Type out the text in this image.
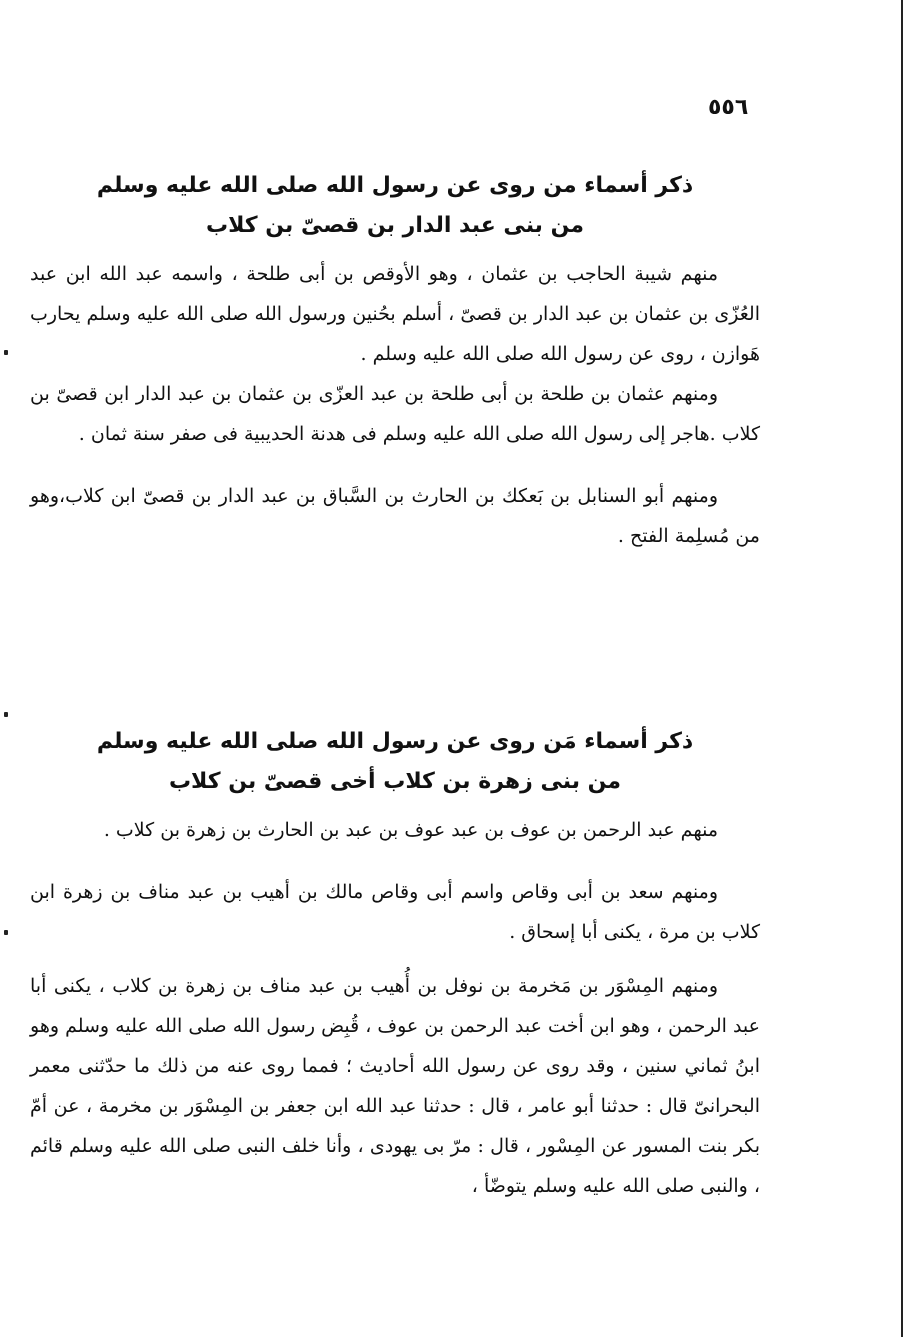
٥٥٦

ذكر أسماء من روى عن رسول الله صلى الله عليه وسلم

من بنى عبد الدار بن قصىّ بن كلاب

منهم شيبة الحاجب بن عثمان ، وهو الأوقص بن أبى طلحة ، واسمه عبد الله ابن عبد العُزّى بن عثمان بن عبد الدار بن قصىّ ، أسلم بحُنين ورسول الله صلى الله عليه وسلم يحارب هَوازن ، روى عن رسول الله صلى الله عليه وسلم .

ومنهم عثمان بن طلحة بن أبى طلحة بن عبد العزّى بن عثمان بن عبد الدار ابن قصىّ بن كلاب .هاجر إلى رسول الله صلى الله عليه وسلم فى هدنة الحديبية فى صفر سنة ثمان .

ومنهم أبو السنابل بن بَعكك بن الحارث بن السَّباق بن عبد الدار بن قصىّ ابن كلاب،وهو من مُسلِمة الفتح .

ذكر أسماء مَن روى عن رسول الله صلى الله عليه وسلم

من بنى زهرة بن كلاب أخى قصىّ بن كلاب

منهم عبد الرحمن بن عوف بن عبد عوف بن عبد بن الحارث بن زهرة بن كلاب .

ومنهم سعد بن أبى وقاص واسم أبى وقاص مالك بن أهيب بن عبد مناف بن زهرة ابن كلاب بن مرة ، يكنى أبا إسحاق .

ومنهم المِسْوَر بن مَخرمة بن نوفل بن أُهيب بن عبد مناف بن زهرة بن كلاب ، يكنى أبا عبد الرحمن ، وهو ابن أخت عبد الرحمن بن عوف ، قُبِض رسول الله صلى الله عليه وسلم وهو ابنُ ثماني سنين ، وقد روى عن رسول الله أحاديث ؛ فمما روى عنه من ذلك ما حدّثنى معمر البحرانىّ قال : حدثنا أبو عامر ، قال : حدثنا عبد الله ابن جعفر بن المِسْوَر بن مخرمة ، عن أمّ بكر بنت المسور عن المِسْور ، قال : مرّ بى يهودى ، وأنا خلف النبى صلى الله عليه وسلم قائم ، والنبى صلى الله عليه وسلم يتوضّأ ،
